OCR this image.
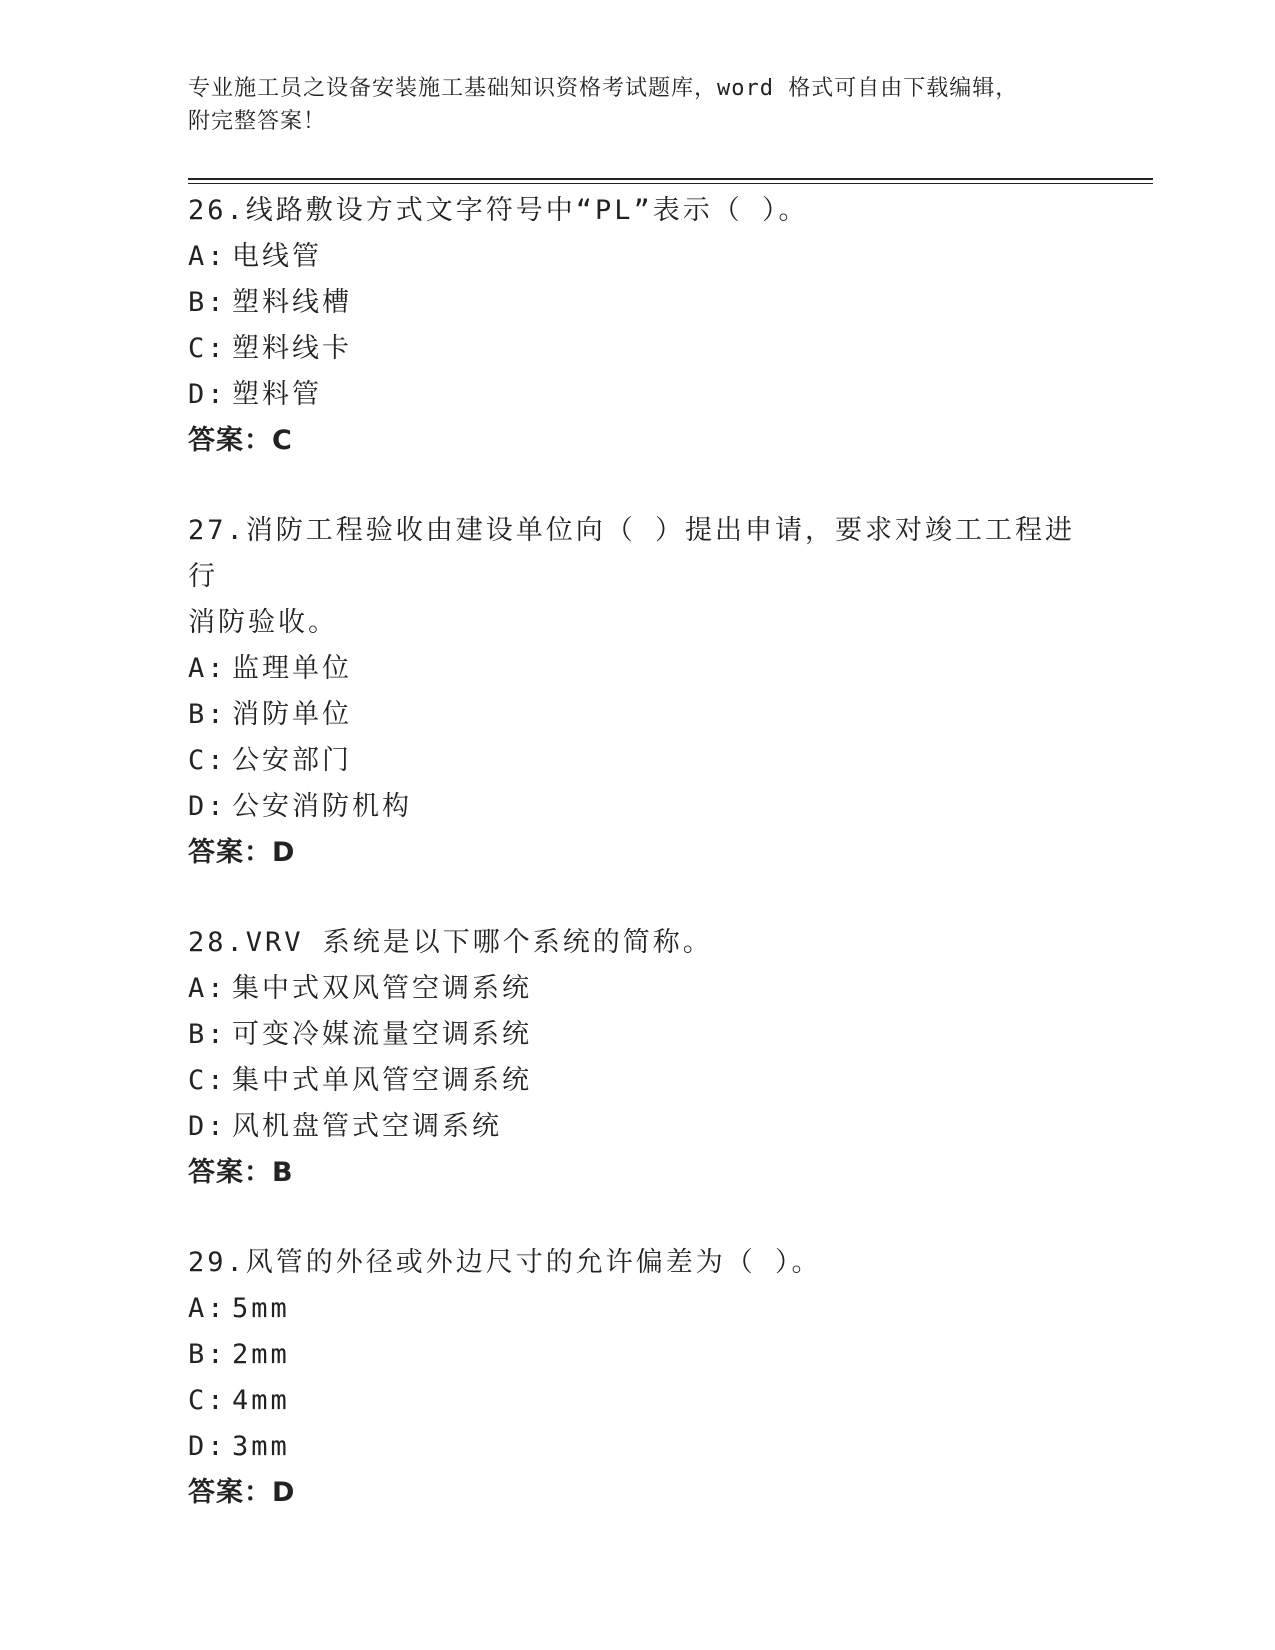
专业施工员之设备安装施工基础知识资格考试题库，word 格式可自由下载编辑，
附完整答案！
26.线路敷设方式文字符号中“PL”表示（ ）。
A: 电线管
B: 塑料线槽
C: 塑料线卡
D: 塑料管
答案：C
27.消防工程验收由建设单位向（ ）提出申请，要求对竣工工程进行
消防验收。
A: 监理单位
B: 消防单位
C: 公安部门
D: 公安消防机构
答案：D
28.VRV 系统是以下哪个系统的简称。
A: 集中式双风管空调系统
B: 可变冷媒流量空调系统
C: 集中式单风管空调系统
D: 风机盘管式空调系统
答案：B
29.风管的外径或外边尺寸的允许偏差为（ ）。
A: 5mm
B: 2mm
C: 4mm
D: 3mm
答案：D
